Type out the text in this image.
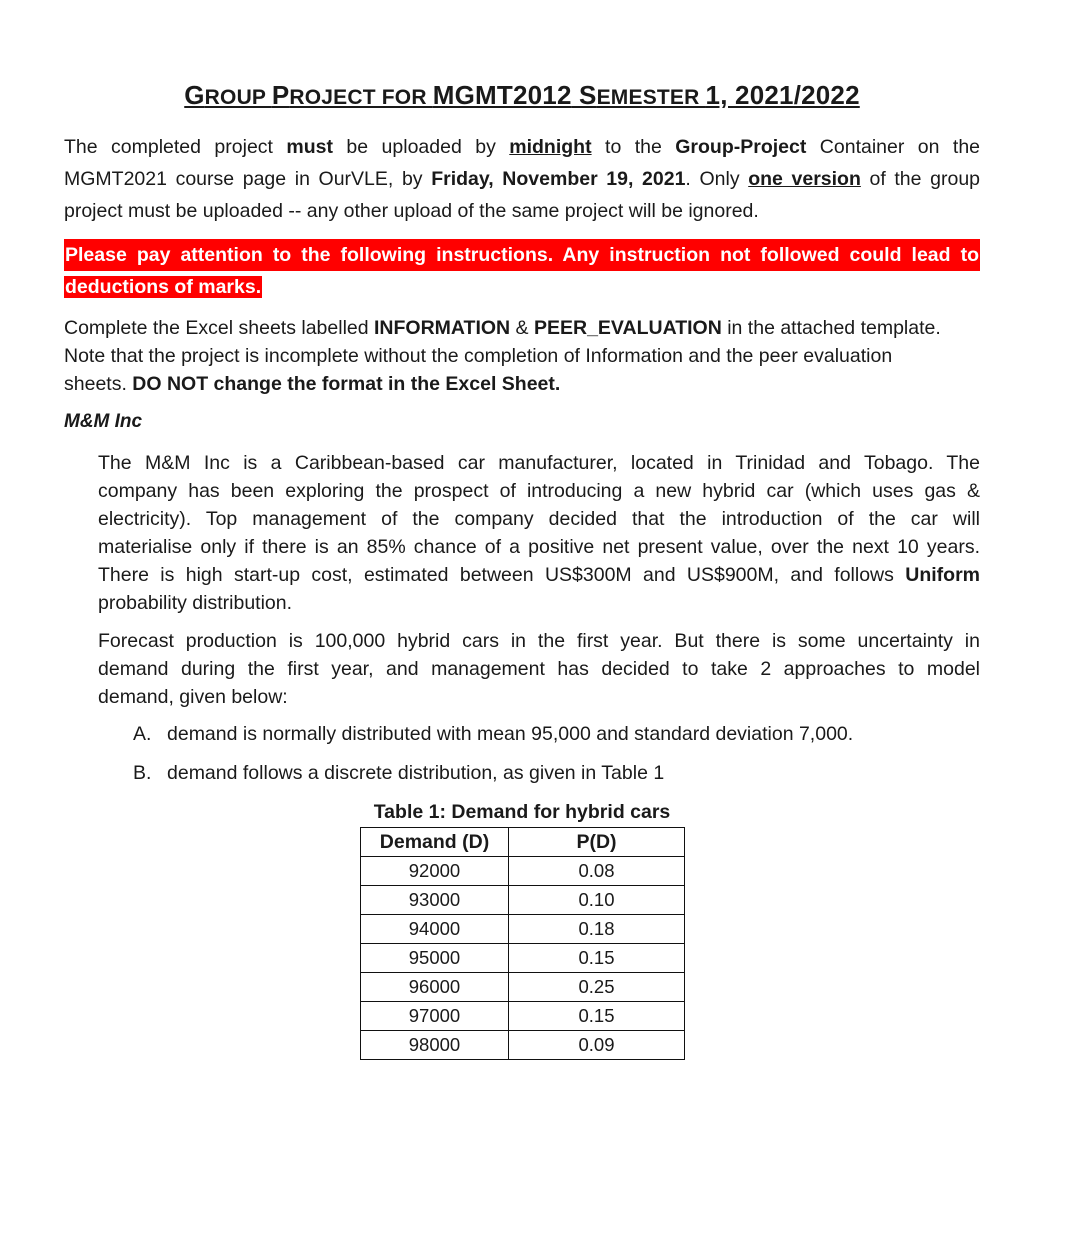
GROUP PROJECT FOR MGMT2012 SEMESTER 1, 2021/2022
The completed project must be uploaded by midnight to the Group-Project Container on the
MGMT2021 course page in OurVLE, by Friday, November 19, 2021. Only one version of the group
project must be uploaded -- any other upload of the same project will be ignored.
Please pay attention to the following instructions. Any instruction not followed could lead to
deductions of marks.
Complete the Excel sheets labelled INFORMATION & PEER_EVALUATION in the attached template.
Note that the project is incomplete without the completion of Information and the peer evaluation
sheets. DO NOT change the format in the Excel Sheet.
M&M Inc
The M&M Inc is a Caribbean-based car manufacturer, located in Trinidad and Tobago. The
company has been exploring the prospect of introducing a new hybrid car (which uses gas &
electricity). Top management of the company decided that the introduction of the car will
materialise only if there is an 85% chance of a positive net present value, over the next 10 years.
There is high start-up cost, estimated between US$300M and US$900M, and follows Uniform
probability distribution.
Forecast production is 100,000 hybrid cars in the first year. But there is some uncertainty in
demand during the first year, and management has decided to take 2 approaches to model
demand, given below:
A. demand is normally distributed with mean 95,000 and standard deviation 7,000.
B. demand follows a discrete distribution, as given in Table 1
Table 1: Demand for hybrid cars
Demand (D)	P(D)
92000	0.08
93000	0.10
94000	0.18
95000	0.15
96000	0.25
97000	0.15
98000	0.09
